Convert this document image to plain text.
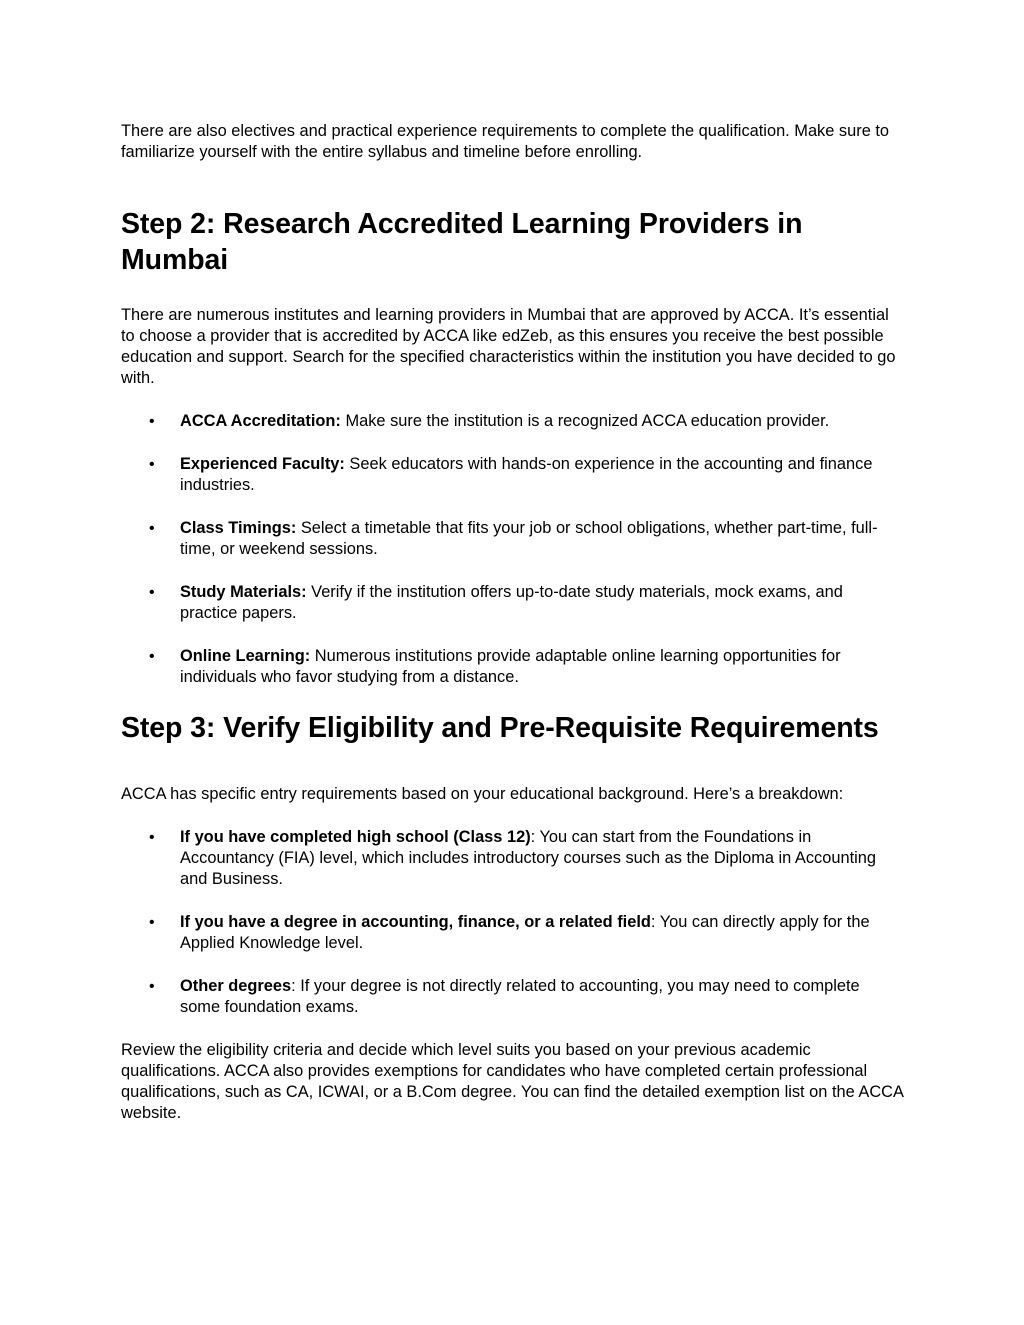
There are also electives and practical experience requirements to complete the qualification. Make sure to familiarize yourself with the entire syllabus and timeline before enrolling.

Step 2: Research Accredited Learning Providers in Mumbai

There are numerous institutes and learning providers in Mumbai that are approved by ACCA. It’s essential to choose a provider that is accredited by ACCA like edZeb, as this ensures you receive the best possible education and support. Search for the specified characteristics within the institution you have decided to go with.

• ACCA Accreditation: Make sure the institution is a recognized ACCA education provider.
• Experienced Faculty: Seek educators with hands-on experience in the accounting and finance industries.
• Class Timings: Select a timetable that fits your job or school obligations, whether part-time, full-time, or weekend sessions.
• Study Materials: Verify if the institution offers up-to-date study materials, mock exams, and practice papers.
• Online Learning: Numerous institutions provide adaptable online learning opportunities for individuals who favor studying from a distance.
Step 3: Verify Eligibility and Pre-Requisite Requirements

ACCA has specific entry requirements based on your educational background. Here’s a breakdown:

• If you have completed high school (Class 12): You can start from the Foundations in Accountancy (FIA) level, which includes introductory courses such as the Diploma in Accounting and Business.
• If you have a degree in accounting, finance, or a related field: You can directly apply for the Applied Knowledge level.
• Other degrees: If your degree is not directly related to accounting, you may need to complete some foundation exams.

Review the eligibility criteria and decide which level suits you based on your previous academic qualifications. ACCA also provides exemptions for candidates who have completed certain professional qualifications, such as CA, ICWAI, or a B.Com degree. You can find the detailed exemption list on the ACCA website.
